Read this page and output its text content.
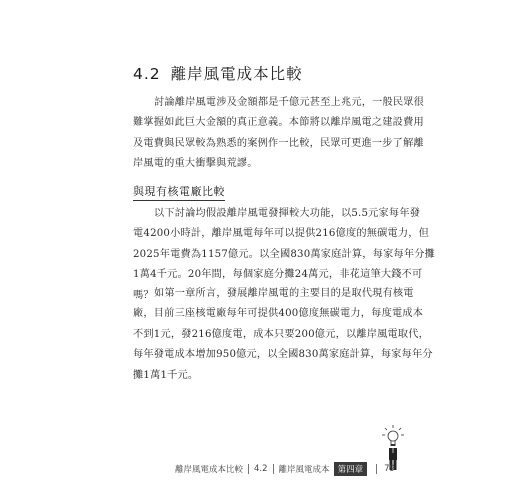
4.2 離岸風電成本比較

討論離岸風電涉及金額都是千億元甚至上兆元，一般民眾很
難掌握如此巨大金額的真正意義。本節將以離岸風電之建設費用
及電費與民眾較為熟悉的案例作一比較，民眾可更進一步了解離
岸風電的重大衝擊與荒謬。

與現有核電廠比較

以下討論均假設離岸風電發揮較大功能，以5.5元家每年發
電4200小時計，離岸風電每年可以提供216億度的無碳電力，但
2025年電費為1157億元。以全國830萬家庭計算，每家每年分攤
1萬4千元。20年間，每個家庭分攤24萬元，非花這筆大錢不可
嗎？ 如第一章所言，發展離岸風電的主要目的是取代現有核電
廠，目前三座核電廠每年可提供400億度無碳電力，每度電成本
不到1元，發216億度電，成本只要200億元，以離岸風電取代，
每年發電成本增加950億元，以全國830萬家庭計算，每家每年分
攤1萬1千元。

離岸風電成本比較 4.2 離岸風電成本 第四章	79
